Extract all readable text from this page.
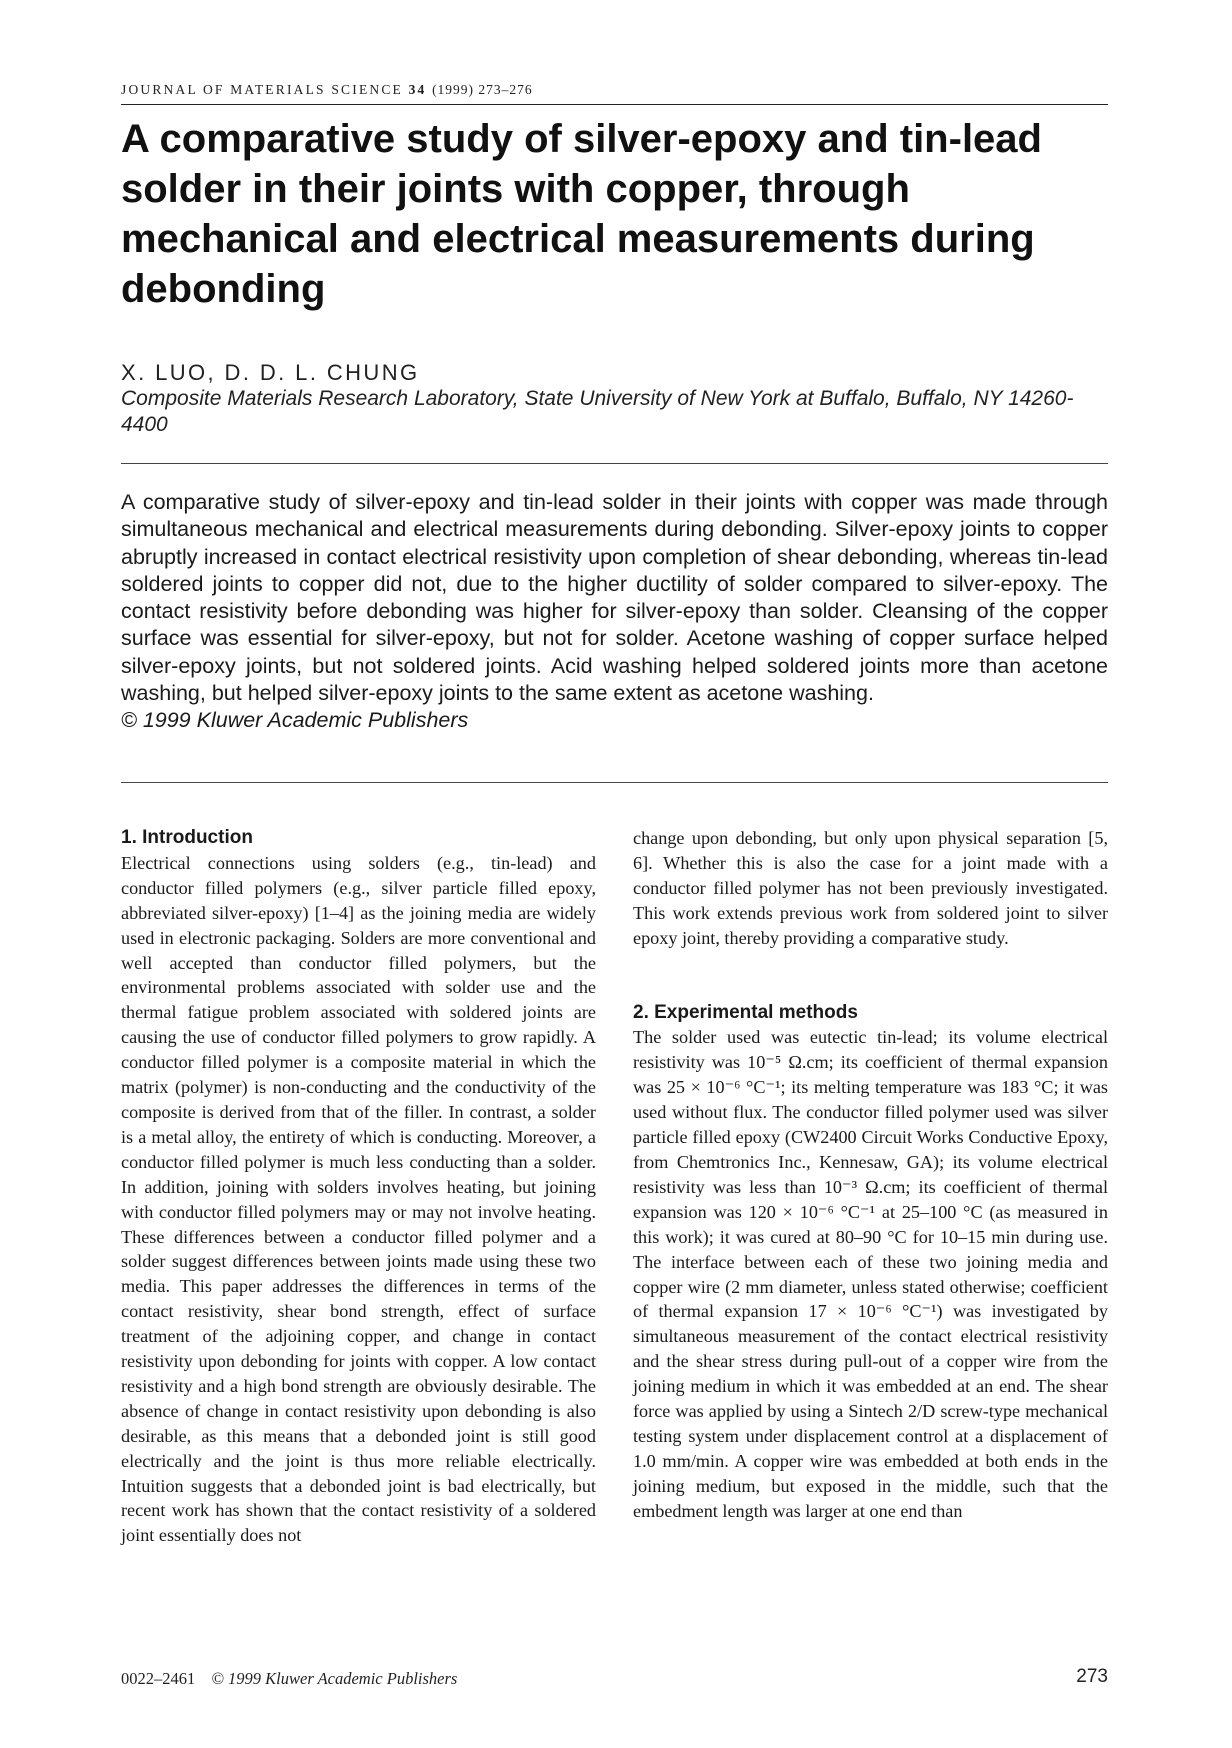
JOURNAL OF MATERIALS SCIENCE 34 (1999) 273–276
A comparative study of silver-epoxy and tin-lead solder in their joints with copper, through mechanical and electrical measurements during debonding
X. LUO, D. D. L. CHUNG
Composite Materials Research Laboratory, State University of New York at Buffalo, Buffalo, NY 14260-4400
A comparative study of silver-epoxy and tin-lead solder in their joints with copper was made through simultaneous mechanical and electrical measurements during debonding. Silver-epoxy joints to copper abruptly increased in contact electrical resistivity upon completion of shear debonding, whereas tin-lead soldered joints to copper did not, due to the higher ductility of solder compared to silver-epoxy. The contact resistivity before debonding was higher for silver-epoxy than solder. Cleansing of the copper surface was essential for silver-epoxy, but not for solder. Acetone washing of copper surface helped silver-epoxy joints, but not soldered joints. Acid washing helped soldered joints more than acetone washing, but helped silver-epoxy joints to the same extent as acetone washing.
© 1999 Kluwer Academic Publishers
1. Introduction

Electrical connections using solders (e.g., tin-lead) and conductor filled polymers (e.g., silver particle filled epoxy, abbreviated silver-epoxy) [1–4] as the joining media are widely used in electronic packaging. Solders are more conventional and well accepted than conductor filled polymers, but the environmental problems associated with solder use and the thermal fatigue problem associated with soldered joints are causing the use of conductor filled polymers to grow rapidly. A conductor filled polymer is a composite material in which the matrix (polymer) is non-conducting and the conductivity of the composite is derived from that of the filler. In contrast, a solder is a metal alloy, the entirety of which is conducting. Moreover, a conductor filled polymer is much less conducting than a solder. In addition, joining with solders involves heating, but joining with conductor filled polymers may or may not involve heating. These differences between a conductor filled polymer and a solder suggest differences between joints made using these two media. This paper addresses the differences in terms of the contact resistivity, shear bond strength, effect of surface treatment of the adjoining copper, and change in contact resistivity upon debonding for joints with copper. A low contact resistivity and a high bond strength are obviously desirable. The absence of change in contact resistivity upon debonding is also desirable, as this means that a debonded joint is still good electrically and the joint is thus more reliable electrically. Intuition suggests that a debonded joint is bad electrically, but recent work has shown that the contact resistivity of a soldered joint essentially does not

change upon debonding, but only upon physical separation [5, 6]. Whether this is also the case for a joint made with a conductor filled polymer has not been previously investigated. This work extends previous work from soldered joint to silver epoxy joint, thereby providing a comparative study.

2. Experimental methods

The solder used was eutectic tin-lead; its volume electrical resistivity was 10⁻⁵ Ω.cm; its coefficient of thermal expansion was 25 × 10⁻⁶ °C⁻¹; its melting temperature was 183 °C; it was used without flux. The conductor filled polymer used was silver particle filled epoxy (CW2400 Circuit Works Conductive Epoxy, from Chemtronics Inc., Kennesaw, GA); its volume electrical resistivity was less than 10⁻³ Ω.cm; its coefficient of thermal expansion was 120 × 10⁻⁶ °C⁻¹ at 25–100 °C (as measured in this work); it was cured at 80–90 °C for 10–15 min during use. The interface between each of these two joining media and copper wire (2 mm diameter, unless stated otherwise; coefficient of thermal expansion 17 × 10⁻⁶ °C⁻¹) was investigated by simultaneous measurement of the contact electrical resistivity and the shear stress during pull-out of a copper wire from the joining medium in which it was embedded at an end. The shear force was applied by using a Sintech 2/D screw-type mechanical testing system under displacement control at a displacement of 1.0 mm/min. A copper wire was embedded at both ends in the joining medium, but exposed in the middle, such that the embedment length was larger at one end than

0022–2461 © 1999 Kluwer Academic Publishers	273
